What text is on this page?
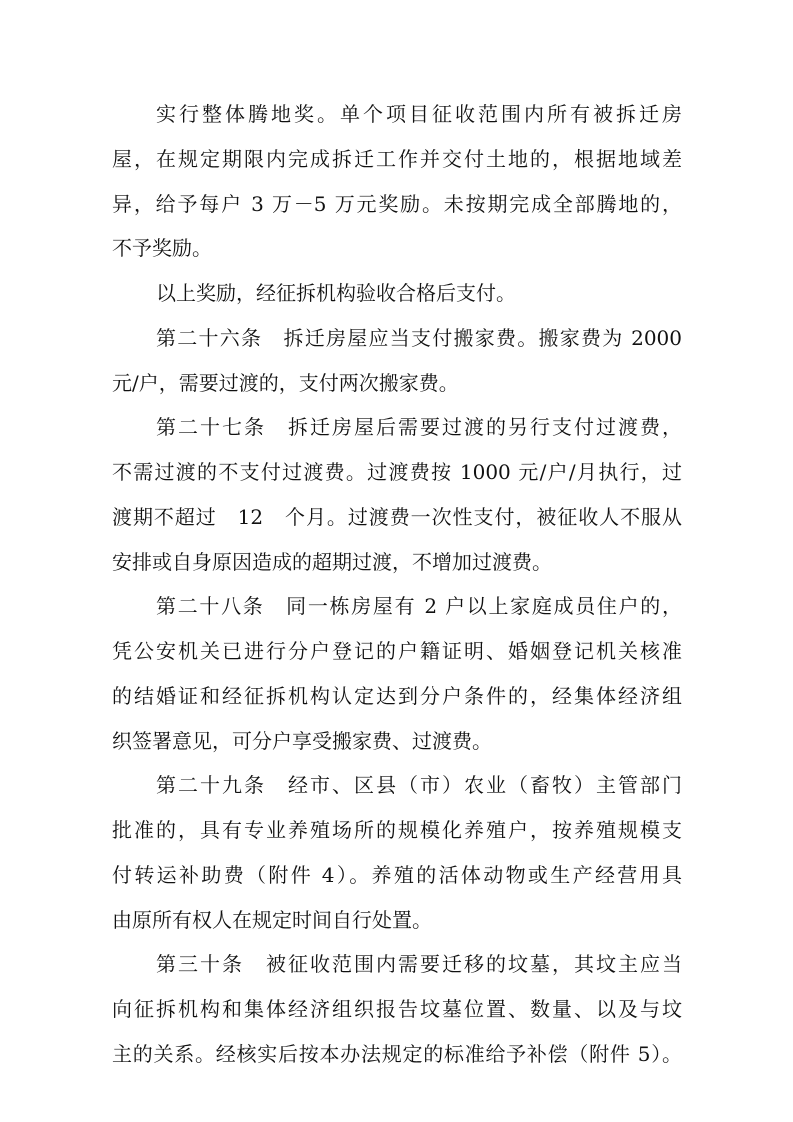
实行整体腾地奖。单个项目征收范围内所有被拆迁房

屋，在规定期限内完成拆迁工作并交付土地的，根据地域差

异，给予每户 3 万－5 万元奖励。未按期完成全部腾地的，

不予奖励。

以上奖励，经征拆机构验收合格后支付。

第二十六条　拆迁房屋应当支付搬家费。搬家费为 2000

元/户，需要过渡的，支付两次搬家费。

第二十七条　拆迁房屋后需要过渡的另行支付过渡费，

不需过渡的不支付过渡费。过渡费按 1000 元/户/月执行，过

渡期不超过　12　个月。过渡费一次性支付，被征收人不服从

安排或自身原因造成的超期过渡，不增加过渡费。

第二十八条　同一栋房屋有 2 户以上家庭成员住户的，

凭公安机关已进行分户登记的户籍证明、婚姻登记机关核准

的结婚证和经征拆机构认定达到分户条件的，经集体经济组

织签署意见，可分户享受搬家费、过渡费。

第二十九条　经市、区县（市）农业（畜牧）主管部门

批准的，具有专业养殖场所的规模化养殖户，按养殖规模支

付转运补助费（附件 4）。养殖的活体动物或生产经营用具

由原所有权人在规定时间自行处置。

第三十条　被征收范围内需要迁移的坟墓，其坟主应当

向征拆机构和集体经济组织报告坟墓位置、数量、以及与坟

主的关系。经核实后按本办法规定的标准给予补偿（附件 5）。
